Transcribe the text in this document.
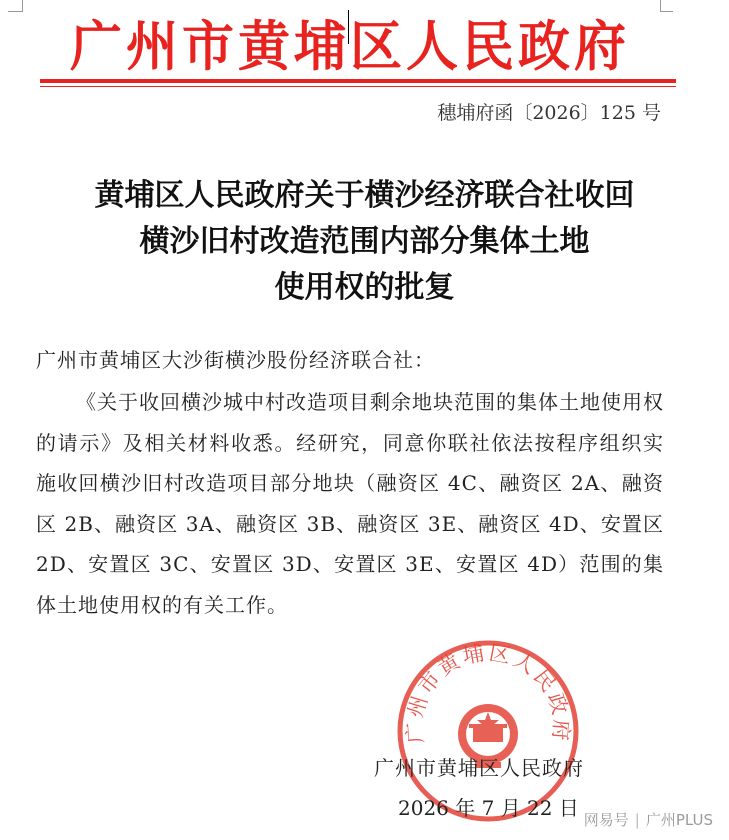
广州市黄埔区人民政府
穗埔府函〔2026〕125 号
黄埔区人民政府关于横沙经济联合社收回
横沙旧村改造范围内部分集体土地
使用权的批复
广州市黄埔区大沙街横沙股份经济联合社：
《关于收回横沙城中村改造项目剩余地块范围的集体土地使用权的请示》及相关材料收悉。经研究，同意你联社依法按程序组织实施收回横沙旧村改造项目部分地块（融资区 4C、融资区 2A、融资区 2B、融资区 3A、融资区 3B、融资区 3E、融资区 4D、安置区 2D、安置区 3C、安置区 3D、安置区 3E、安置区 4D）范围的集体土地使用权的有关工作。
广州市黄埔区人民政府
广州市黄埔区人民政府
2026 年 7 月 22 日 网易号 | 广州PLUS
